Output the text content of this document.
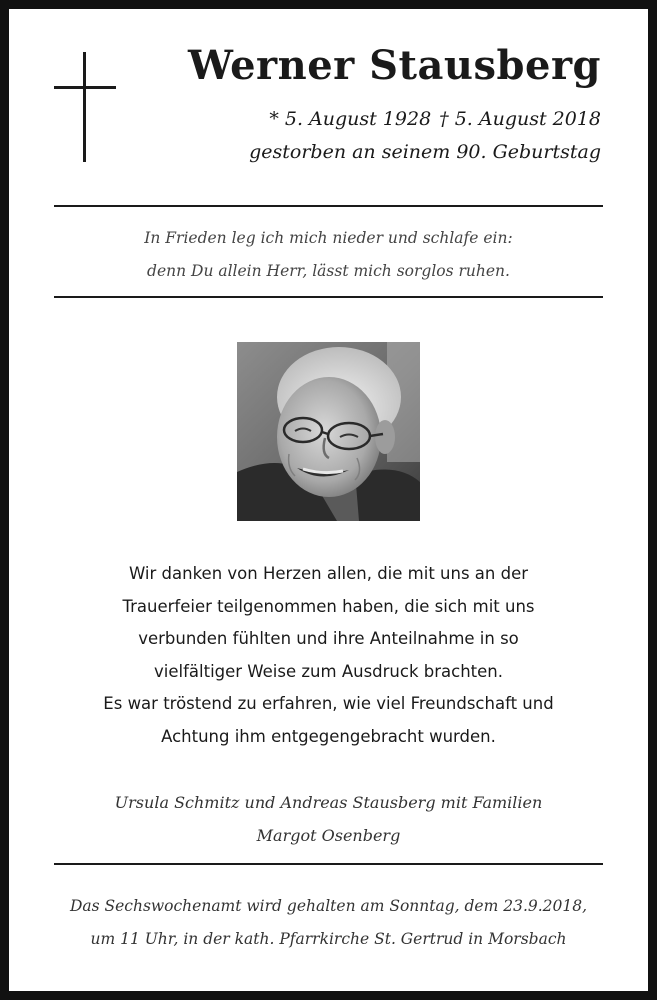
Werner Stausberg
* 5. August 1928 † 5. August 2018
gestorben an seinem 90. Geburtstag
In Frieden leg ich mich nieder und schlafe ein:
denn Du allein Herr, lässt mich sorglos ruhen.
Wir danken von Herzen allen, die mit uns an der
Trauerfeier teilgenommen haben, die sich mit uns
verbunden fühlten und ihre Anteilnahme in so
vielfältiger Weise zum Ausdruck brachten.
Es war tröstend zu erfahren, wie viel Freundschaft und
Achtung ihm entgegengebracht wurden.
Ursula Schmitz und Andreas Stausberg mit Familien
Margot Osenberg
Das Sechswochenamt wird gehalten am Sonntag, dem 23.9.2018,
um 11 Uhr, in der kath. Pfarrkirche St. Gertrud in Morsbach
